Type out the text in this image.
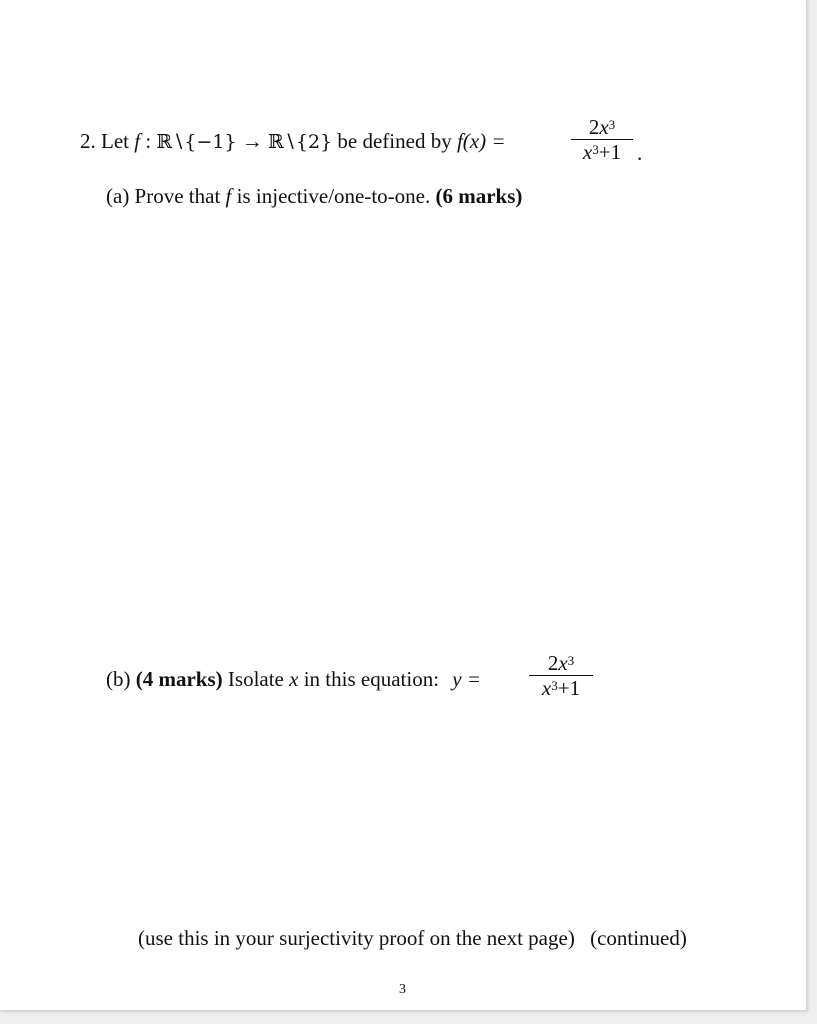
2. Let f : ℝ∖{−1} → ℝ∖{2} be defined by f(x) =
$2x^3$
$x^3+1$ .
(a) Prove that f is injective/one-to-one. (6 marks)
(b) (4 marks) Isolate x in this equation: y =
$2x^3$
$x^3+1$
(use this in your surjectivity proof on the next page) (continued)
3
